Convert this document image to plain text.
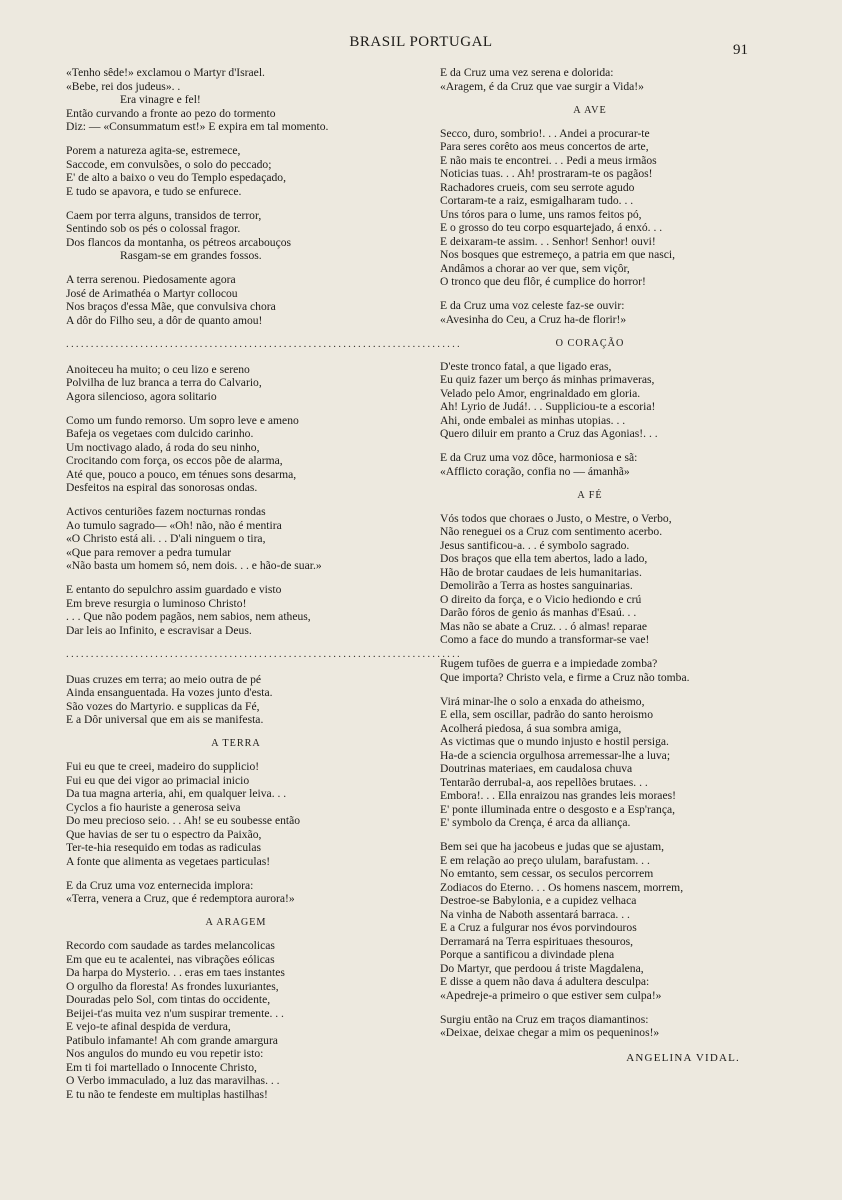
BRASIL PORTUGAL	91
«Tenho sêde!» exclamou o Martyr d'Israel.
«Bebe, rei dos judeus». .
Era vinagre e fel!
Então curvando a fronte ao pezo do tormento
Diz: — «Consummatum est!» E expira em tal momento.
Porem a natureza agita-se, estremece,
Saccode, em convulsões, o solo do peccado;
E' de alto a baixo o veu do Templo espedaçado,
E tudo se apavora, e tudo se enfurece.
Caem por terra alguns, transidos de terror,
Sentindo sob os pés o colossal fragor.
Dos flancos da montanha, os pétreos arcabouços
Rasgam-se em grandes fossos.
A terra serenou. Piedosamente agora
José de Arimathéa o Martyr collocou
Nos braços d'essa Mãe, que convulsiva chora
A dôr do Filho seu, a dôr de quanto amou!
................................................................................
Anoiteceu ha muito; o ceu lizo e sereno
Polvilha de luz branca a terra do Calvario,
Agora silencioso, agora solitario
Como um fundo remorso. Um sopro leve e ameno
Bafeja os vegetaes com dulcido carinho.
Um noctivago alado, á roda do seu ninho,
Crocitando com força, os eccos põe de alarma,
Até que, pouco a pouco, em ténues sons desarma,
Desfeitos na espiral das sonorosas ondas.
Activos centuriões fazem nocturnas rondas
Ao tumulo sagrado— «Oh! não, não é mentira
«O Christo está ali. . . D'ali ninguem o tira,
«Que para remover a pedra tumular
«Não basta um homem só, nem dois. . . e hão-de suar.»
E entanto do sepulchro assim guardado e visto
Em breve resurgia o luminoso Christo!
. . . Que não podem pagãos, nem sabios, nem atheus,
Dar leis ao Infinito, e escravisar a Deus.
................................................................................
Duas cruzes em terra; ao meio outra de pé
Ainda ensanguentada. Ha vozes junto d'esta.
São vozes do Martyrio. e supplicas da Fé,
E a Dôr universal que em ais se manifesta.
A TERRA
Fui eu que te creei, madeiro do supplicio!
Fui eu que dei vigor ao primacial inicio
Da tua magna arteria, ahi, em qualquer leiva. . .
Cyclos a fio hauriste a generosa seiva
Do meu precioso seio. . . Ah! se eu soubesse então
Que havias de ser tu o espectro da Paixão,
Ter-te-hia resequido em todas as radiculas
A fonte que alimenta as vegetaes particulas!
E da Cruz uma voz enternecida implora:
«Terra, venera a Cruz, que é redemptora aurora!»
A ARAGEM
Recordo com saudade as tardes melancolicas
Em que eu te acalentei, nas vibrações eólicas
Da harpa do Mysterio. . . eras em taes instantes
O orgulho da floresta! As frondes luxuriantes,
Douradas pelo Sol, com tintas do occidente,
Beijei-t'as muita vez n'um suspirar tremente. . .
E vejo-te afinal despida de verdura,
Patibulo infamante! Ah com grande amargura
Nos angulos do mundo eu vou repetir isto:
Em ti foi martellado o Innocente Christo,
O Verbo immaculado, a luz das maravilhas. . .
E tu não te fendeste em multiplas hastilhas!
E da Cruz uma vez serena e dolorida:
«Aragem, é da Cruz que vae surgir a Vida!»
A AVE
Secco, duro, sombrio!. . . Andei a procurar-te
Para seres corêto aos meus concertos de arte,
E não mais te encontrei. . . Pedi a meus irmãos
Noticias tuas. . . Ah! prostraram-te os pagãos!
Rachadores crueis, com seu serrote agudo
Cortaram-te a raiz, esmigalharam tudo. . .
Uns tóros para o lume, uns ramos feitos pó,
E o grosso do teu corpo esquartejado, á enxó. . .
E deixaram-te assim. . . Senhor! Senhor! ouvi!
Nos bosques que estremeço, a patria em que nasci,
Andâmos a chorar ao ver que, sem viçôr,
O tronco que deu flôr, é cumplice do horror!
E da Cruz uma voz celeste faz-se ouvir:
«Avesinha do Ceu, a Cruz ha-de florir!»
O CORAÇÃO
D'este tronco fatal, a que ligado eras,
Eu quiz fazer um berço ás minhas primaveras,
Velado pelo Amor, engrinaldado em gloria.
Ah! Lyrio de Judá!. . . Suppliciou-te a escoria!
Ahi, onde embalei as minhas utopias. . .
Quero diluir em pranto a Cruz das Agonias!. . .
E da Cruz uma voz dôce, harmoniosa e sã:
«Afflicto coração, confia no — ámanhã»
A FÉ
Vós todos que choraes o Justo, o Mestre, o Verbo,
Não reneguei os a Cruz com sentimento acerbo.
Jesus santificou-a. . . é symbolo sagrado.
Dos braços que ella tem abertos, lado a lado,
Hão de brotar caudaes de leis humanitarias.
Demolirão a Terra as hostes sanguinarias.
O direito da força, e o Vicio hediondo e crú
Darão fóros de genio ás manhas d'Esaú. . .
Mas não se abate a Cruz. . . ó almas! reparae
Como a face do mundo a transformar-se vae!
Rugem tufões de guerra e a impiedade zomba?
Que importa? Christo vela, e firme a Cruz não tomba.
Virá minar-lhe o solo a enxada do atheismo,
E ella, sem oscillar, padrão do santo heroismo
Acolherá piedosa, á sua sombra amiga,
As victimas que o mundo injusto e hostil persiga.
Ha-de a sciencia orgulhosa arremessar-lhe a luva;
Doutrinas materiaes, em caudalosa chuva
Tentarão derrubal-a, aos repellões brutaes. . .
Embora!. . . Ella enraizou nas grandes leis moraes!
E' ponte illuminada entre o desgosto e a Esp'rança,
E' symbolo da Crença, é arca da alliança.
Bem sei que ha jacobeus e judas que se ajustam,
E em relação ao preço ululam, barafustam. . .
No emtanto, sem cessar, os seculos percorrem
Zodiacos do Eterno. . . Os homens nascem, morrem,
Destroe-se Babylonia, e a cupidez velhaca
Na vinha de Naboth assentará barraca. . .
E a Cruz a fulgurar nos évos porvindouros
Derramará na Terra espirituaes thesouros,
Porque a santificou a divindade plena
Do Martyr, que perdoou á triste Magdalena,
E disse a quem não dava á adultera desculpa:
«Apedreje-a primeiro o que estiver sem culpa!»
Surgiu então na Cruz em traços diamantinos:
«Deixae, deixae chegar a mim os pequeninos!»
ANGELINA VIDAL.
